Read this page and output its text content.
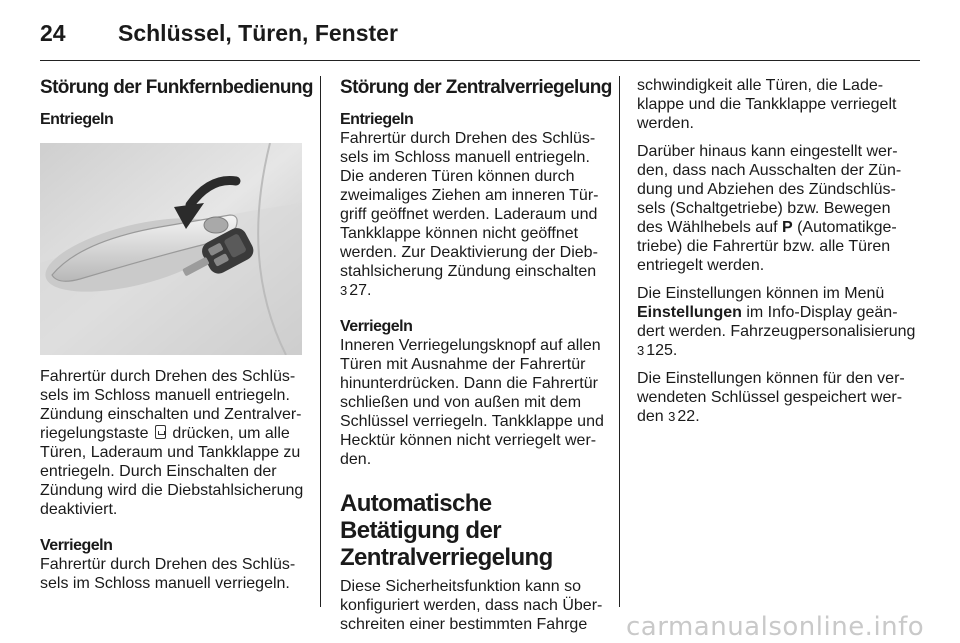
24 Schlüssel, Türen, Fenster
Störung der Funkfernbedienung
Entriegeln

Fahrertür durch Drehen des Schlüssels im Schloss manuell entriegeln. Zündung einschalten und Zentralverriegelungstaste  drücken, um alle Türen, Laderaum und Tankklappe zu entriegeln. Durch Einschalten der Zündung wird die Diebstahlsicherung deaktiviert.

Verriegeln

Fahrertür durch Drehen des Schlüssels im Schloss manuell verriegeln.

Störung der Zentralverriegelung
Entriegeln

Fahrertür durch Drehen des Schlüssels im Schloss manuell entriegeln. Die anderen Türen können durch zweimaliges Ziehen am inneren Türgriff geöffnet werden. Laderaum und Tankklappe können nicht geöffnet werden. Zur Deaktivierung der Diebstahlsicherung Zündung einschalten
3 27.

Verriegeln

Inneren Verriegelungsknopf auf allen Türen mit Ausnahme der Fahrertür hinunterdrücken. Dann die Fahrertür schließen und von außen mit dem Schlüssel verriegeln. Tankklappe und Hecktür können nicht verriegelt werden.

Automatische Betätigung der Zentralverriegelung

Diese Sicherheitsfunktion kann so konfiguriert werden, dass nach Überschreiten einer bestimmten Fahrge

schwindigkeit alle Türen, die Ladeklappe und die Tankklappe verriegelt werden.

Darüber hinaus kann eingestellt werden, dass nach Ausschalten der Zündung und Abziehen des Zündschlüssels (Schaltgetriebe) bzw. Bewegen des Wählhebels auf P (Automatikgetriebe) die Fahrertür bzw. alle Türen entriegelt werden.

Die Einstellungen können im Menü Einstellungen im Info-Display geändert werden. Fahrzeugpersonalisierung 3 125.

Die Einstellungen können für den verwendeten Schlüssel gespeichert werden 3 22.

carmanualsonline.info
